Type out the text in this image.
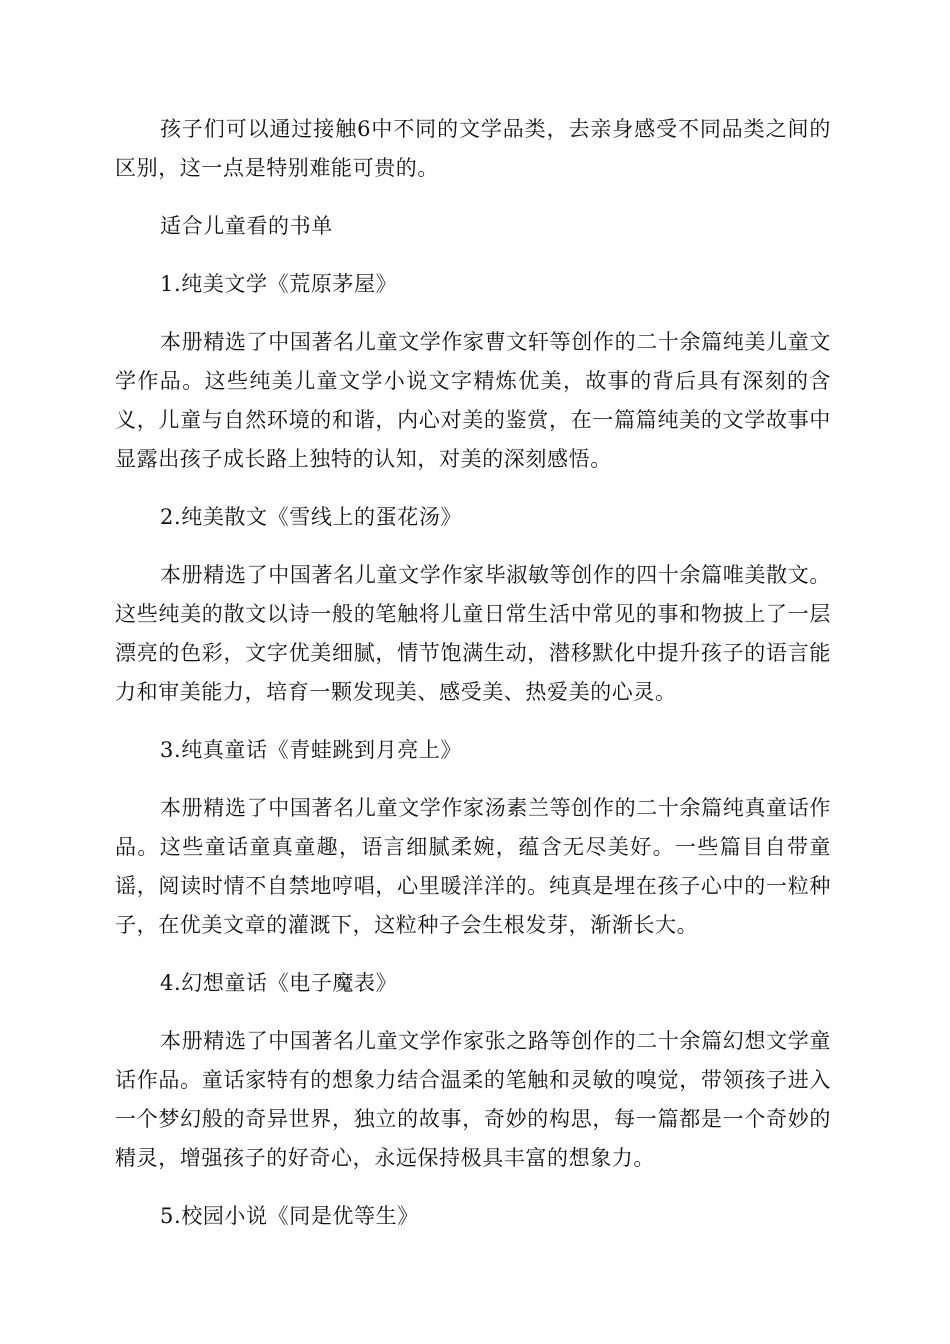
孩子们可以通过接触6中不同的文学品类，去亲身感受不同品类之间的区别，这一点是特别难能可贵的。

适合儿童看的书单

1.纯美文学《荒原茅屋》

本册精选了中国著名儿童文学作家曹文轩等创作的二十余篇纯美儿童文学作品。这些纯美儿童文学小说文字精炼优美，故事的背后具有深刻的含义，儿童与自然环境的和谐，内心对美的鉴赏，在一篇篇纯美的文学故事中显露出孩子成长路上独特的认知，对美的深刻感悟。

2.纯美散文《雪线上的蛋花汤》

本册精选了中国著名儿童文学作家毕淑敏等创作的四十余篇唯美散文。这些纯美的散文以诗一般的笔触将儿童日常生活中常见的事和物披上了一层漂亮的色彩，文字优美细腻，情节饱满生动，潜移默化中提升孩子的语言能力和审美能力，培育一颗发现美、感受美、热爱美的心灵。

3.纯真童话《青蛙跳到月亮上》

本册精选了中国著名儿童文学作家汤素兰等创作的二十余篇纯真童话作品。这些童话童真童趣，语言细腻柔婉，蕴含无尽美好。一些篇目自带童谣，阅读时情不自禁地哼唱，心里暖洋洋的。纯真是埋在孩子心中的一粒种子，在优美文章的灌溉下，这粒种子会生根发芽，渐渐长大。

4.幻想童话《电子魔表》

本册精选了中国著名儿童文学作家张之路等创作的二十余篇幻想文学童话作品。童话家特有的想象力结合温柔的笔触和灵敏的嗅觉，带领孩子进入一个梦幻般的奇异世界，独立的故事，奇妙的构思，每一篇都是一个奇妙的精灵，增强孩子的好奇心，永远保持极具丰富的想象力。

5.校园小说《同是优等生》
